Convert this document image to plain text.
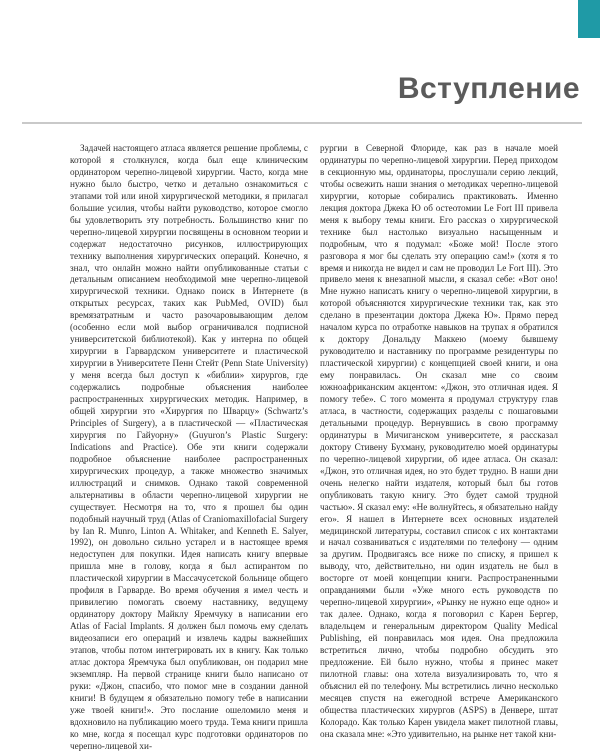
Вступление

Задачей настоящего атласа является решение проблемы, с которой я столкнулся, когда был еще клиническим ординатором черепно-лицевой хирургии. Часто, когда мне нужно было быстро, четко и детально ознакомиться с этапами той или иной хирургической методики, я прилагал большие усилия, чтобы найти руководство, которое смогло бы удовлетворить эту потребность. Большинство книг по черепно-лицевой хирургии посвящены в основном теории и содержат недостаточно рисунков, иллюстрирующих технику выполнения хирургических операций. Конечно, я знал, что онлайн можно найти опубликованные статьи с детальным описанием необходимой мне черепно-лицевой хирургической техники. Однако поиск в Интернете (в открытых ресурсах, таких как PubMed, OVID) был времязатратным и часто разочаровывающим делом (особенно если мой выбор ограничивался подписной университетской библиотекой). Как у интерна по общей хирургии в Гарвардском университете и пластической хирургии в Университете Пенн Стейт (Penn State University) у меня всегда был доступ к «библии» хирургов, где содержались подробные объяснения наиболее распространенных хирургических методик. Например, в общей хирургии это «Хирургия по Шварцу» (Schwartz’s Principles of Surgery), а в пластической — «Пластическая хирургия по Гайуорну» (Guyuron’s Plastic Surgery: Indications and Practice). Обе эти книги содержали подробное объяснение наиболее распространенных хирургических процедур, а также множество значимых иллюстраций и снимков. Однако такой современной альтернативы в области черепно-лицевой хирургии не существует. Несмотря на то, что я прошел бы один подобный научный труд (Atlas of Craniomaxillofacial Surgery by Ian R. Munro, Linton A. Whitaker, and Kenneth E. Salyer, 1992), он довольно сильно устарел и в настоящее время недоступен для покупки. Идея написать книгу впервые пришла мне в голову, когда я был аспирантом по пластической хирургии в Массачусетской больнице общего профиля в Гарварде. Во время обучения я имел честь и привилегию помогать своему наставнику, ведущему ординатору доктору Майклу Яремчуку в написании его Atlas of Facial Implants. Я должен был помочь ему сделать видеозаписи его операций и извлечь кадры важнейших этапов, чтобы потом интегрировать их в книгу. Как только атлас доктора Яремчука был опубликован, он подарил мне экземпляр. На первой странице книги было написано от руки: «Джон, спасибо, что помог мне в создании данной книги! В будущем я обязательно помогу тебе в написании уже твоей книги!». Это послание ошеломило меня и вдохновило на публикацию моего труда. Тема книги пришла ко мне, когда я посещал курс подготовки ординаторов по черепно-лицевой хи-

рургии в Северной Флориде, как раз в начале моей ординатуры по черепно-лицевой хирургии. Перед приходом в секционную мы, ординаторы, прослушали серию лекций, чтобы освежить наши знания о методиках черепно-лицевой хирургии, которые собирались практиковать. Именно лекция доктора Джека Ю об остеотомии Le Fort III привела меня к выбору темы книги. Его рассказ о хирургической технике был настолько визуально насыщенным и подробным, что я подумал: «Боже мой! После этого разговора я мог бы сделать эту операцию сам!» (хотя я то время и никогда не видел и сам не проводил Le Fort III). Это привело меня к внезапной мысли, я сказал себе: «Вот оно! Мне нужно написать книгу о черепно-лицевой хирургии, в которой объясняются хирургические техники так, как это сделано в презентации доктора Джека Ю». Прямо перед началом курса по отработке навыков на трупах я обратился к доктору Дональду Маккею (моему бывшему руководителю и наставнику по программе резидентуры по пластической хирургии) с концепцией своей книги, и она ему понравилась. Он сказал мне со своим южноафриканским акцентом: «Джон, это отличная идея. Я помогу тебе». С того момента я продумал структуру глав атласа, в частности, содержащих разделы с пошаговыми детальными процедур. Вернувшись в свою программу ординатуры в Мичиганском университете, я рассказал доктору Стивену Бухману, руководителю моей ординатуры по черепно-лицевой хирургии, об идее атласа. Он сказал: «Джон, это отличная идея, но это будет трудно. В наши дни очень нелегко найти издателя, который был бы готов опубликовать такую книгу. Это будет самой трудной частью». Я сказал ему: «Не волнуйтесь, я обязательно найду его». Я нашел в Интернете всех основных издателей медицинской литературы, составил список с их контактами и начал созваниваться с издателями по телефону — одним за другим. Продвигаясь все ниже по списку, я пришел к выводу, что, действительно, ни один издатель не был в восторге от моей концепции книги. Распространенными оправданиями были «Уже много есть руководств по черепно-лицевой хирургии», «Рынку не нужно еще одно» и так далее. Однако, когда я поговорил с Карен Бергер, владельцем и генеральным директором Quality Medical Publishing, ей понравилась моя идея. Она предложила встретиться лично, чтобы подробно обсудить это предложение. Ей было нужно, чтобы я принес макет пилотной главы: она хотела визуализировать то, что я объяснил ей по телефону. Мы встретились лично несколько месяцев спустя на ежегодной встрече Американского общества пластических хирургов (ASPS) в Денвере, штат Колорадо. Как только Карен увидела макет пилотной главы, она сказала мне: «Это удивительно, на рынке нет такой кни-
